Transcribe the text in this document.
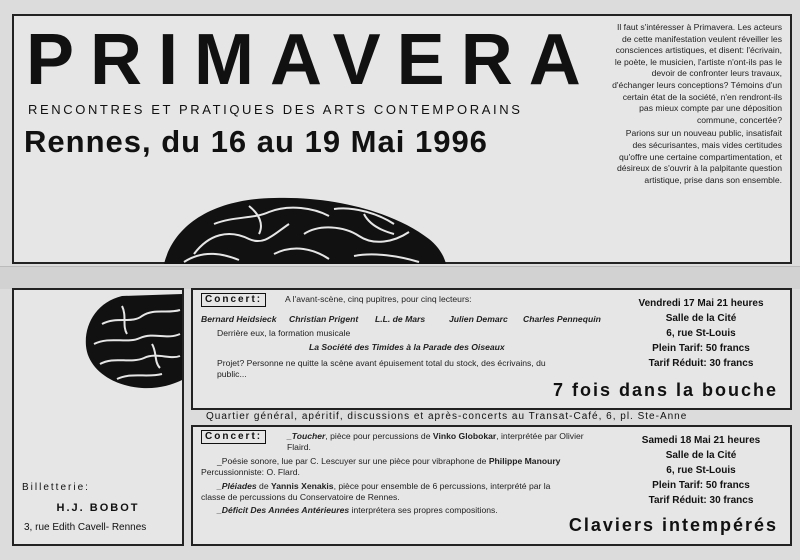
PRIMAVERA
RENCONTRES ET PRATIQUES DES ARTS CONTEMPORAINS
Rennes, du 16 au 19 Mai 1996

Il faut s'intéresser à Primavera. Les acteurs de cette manifestation veulent réveiller les consciences artistiques, et disent: l'écrivain, le poète, le musicien, l'artiste n'ont-ils pas le devoir de confronter leurs travaux, d'échanger leurs conceptions? Témoins d'un certain état de la société, n'en rendront-ils pas mieux compte par une déposition commune, concertée?

Parions sur un nouveau public, insatisfait des sécurisantes, mais vides certitudes qu'offre une certaine compartimentation, et désireux de s'ouvrir à la palpitante question artistique, prise dans son ensemble.

Billetterie:
H.J. BOBOT
3, rue Edith Cavell- Rennes
Concert:	A l'avant-scène, cinq pupitres, pour cinq lecteurs:
Bernard Heidsieck Christian Prigent L.L. de Mars	Julien Demarc Charles Pennequin
Derrière eux, la formation musicale
La Société des Timides à la Parade des Oiseaux
Projet? Personne ne quitte la scène avant épuisement total du stock, des écrivains, du
public...
Vendredi 17 Mai 21 heures
Salle de la Cité
6, rue St-Louis
Plein Tarif: 50 francs
Tarif Réduit: 30 francs
7 fois dans la bouche
Quartier général, apéritif, discussions et après-concerts au Transat-Café, 6, pl. Ste-Anne
Concert:	_Toucher, pièce pour percussions de Vinko Globokar, interprétée par Olivier
Flaird.
_Poésie sonore, lue par C. Lescuyer sur une pièce pour vibraphone de Philippe Manoury
Percussionniste: O. Flard.
_Pléiades de Yannis Xenakis, pièce pour ensemble de 6 percussions, interprété par la
classe de percussions du Conservatoire de Rennes.
_Déficit Des Années Antérieures interprétera ses propres compositions.
Samedi 18 Mai 21 heures
Salle de la Cité
6, rue St-Louis
Plein Tarif: 50 francs
Tarif Réduit: 30 francs
Claviers intempérés
